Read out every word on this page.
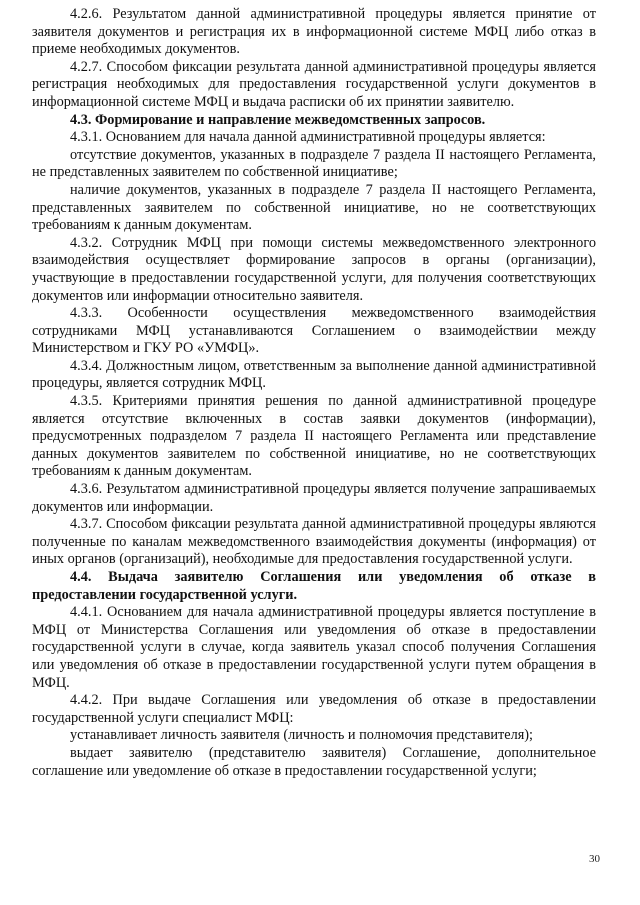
4.2.6. Результатом данной административной процедуры является принятие от заявителя документов и регистрация их в информационной системе МФЦ либо отказ в приеме необходимых документов.

4.2.7. Способом фиксации результата данной административной процедуры является регистрация необходимых для предоставления государственной услуги документов в информационной системе МФЦ и выдача расписки об их принятии заявителю.

4.3. Формирование и направление межведомственных запросов.

4.3.1. Основанием для начала данной административной процедуры является:

отсутствие документов, указанных в подразделе 7 раздела II настоящего Регламента, не представленных заявителем по собственной инициативе;

наличие документов, указанных в подразделе 7 раздела II настоящего Регламента, представленных заявителем по собственной инициативе, но не соответствующих требованиям к данным документам.

4.3.2. Сотрудник МФЦ при помощи системы межведомственного электронного взаимодействия осуществляет формирование запросов в органы (организации), участвующие в предоставлении государственной услуги, для получения соответствующих документов или информации относительно заявителя.

4.3.3. Особенности осуществления межведомственного взаимодействия сотрудниками МФЦ устанавливаются Соглашением о взаимодействии между Министерством и ГКУ РО «УМФЦ».

4.3.4. Должностным лицом, ответственным за выполнение данной административной процедуры, является сотрудник МФЦ.

4.3.5. Критериями принятия решения по данной административной процедуре является отсутствие включенных в состав заявки документов (информации), предусмотренных подразделом 7 раздела II настоящего Регламента или представление данных документов заявителем по собственной инициативе, но не соответствующих требованиям к данным документам.

4.3.6. Результатом административной процедуры является получение запрашиваемых документов или информации.

4.3.7. Способом фиксации результата данной административной процедуры являются полученные по каналам межведомственного взаимодействия документы (информация) от иных органов (организаций), необходимые для предоставления государственной услуги.

4.4. Выдача заявителю Соглашения или уведомления об отказе в предоставлении государственной услуги.

4.4.1. Основанием для начала административной процедуры является поступление в МФЦ от Министерства Соглашения или уведомления об отказе в предоставлении государственной услуги в случае, когда заявитель указал способ получения Соглашения или уведомления об отказе в предоставлении государственной услуги путем обращения в МФЦ.

4.4.2. При выдаче Соглашения или уведомления об отказе в предоставлении государственной услуги специалист МФЦ:

устанавливает личность заявителя (личность и полномочия представителя);

выдает заявителю (представителю заявителя) Соглашение, дополнительное соглашение или уведомление об отказе в предоставлении государственной услуги;

30
